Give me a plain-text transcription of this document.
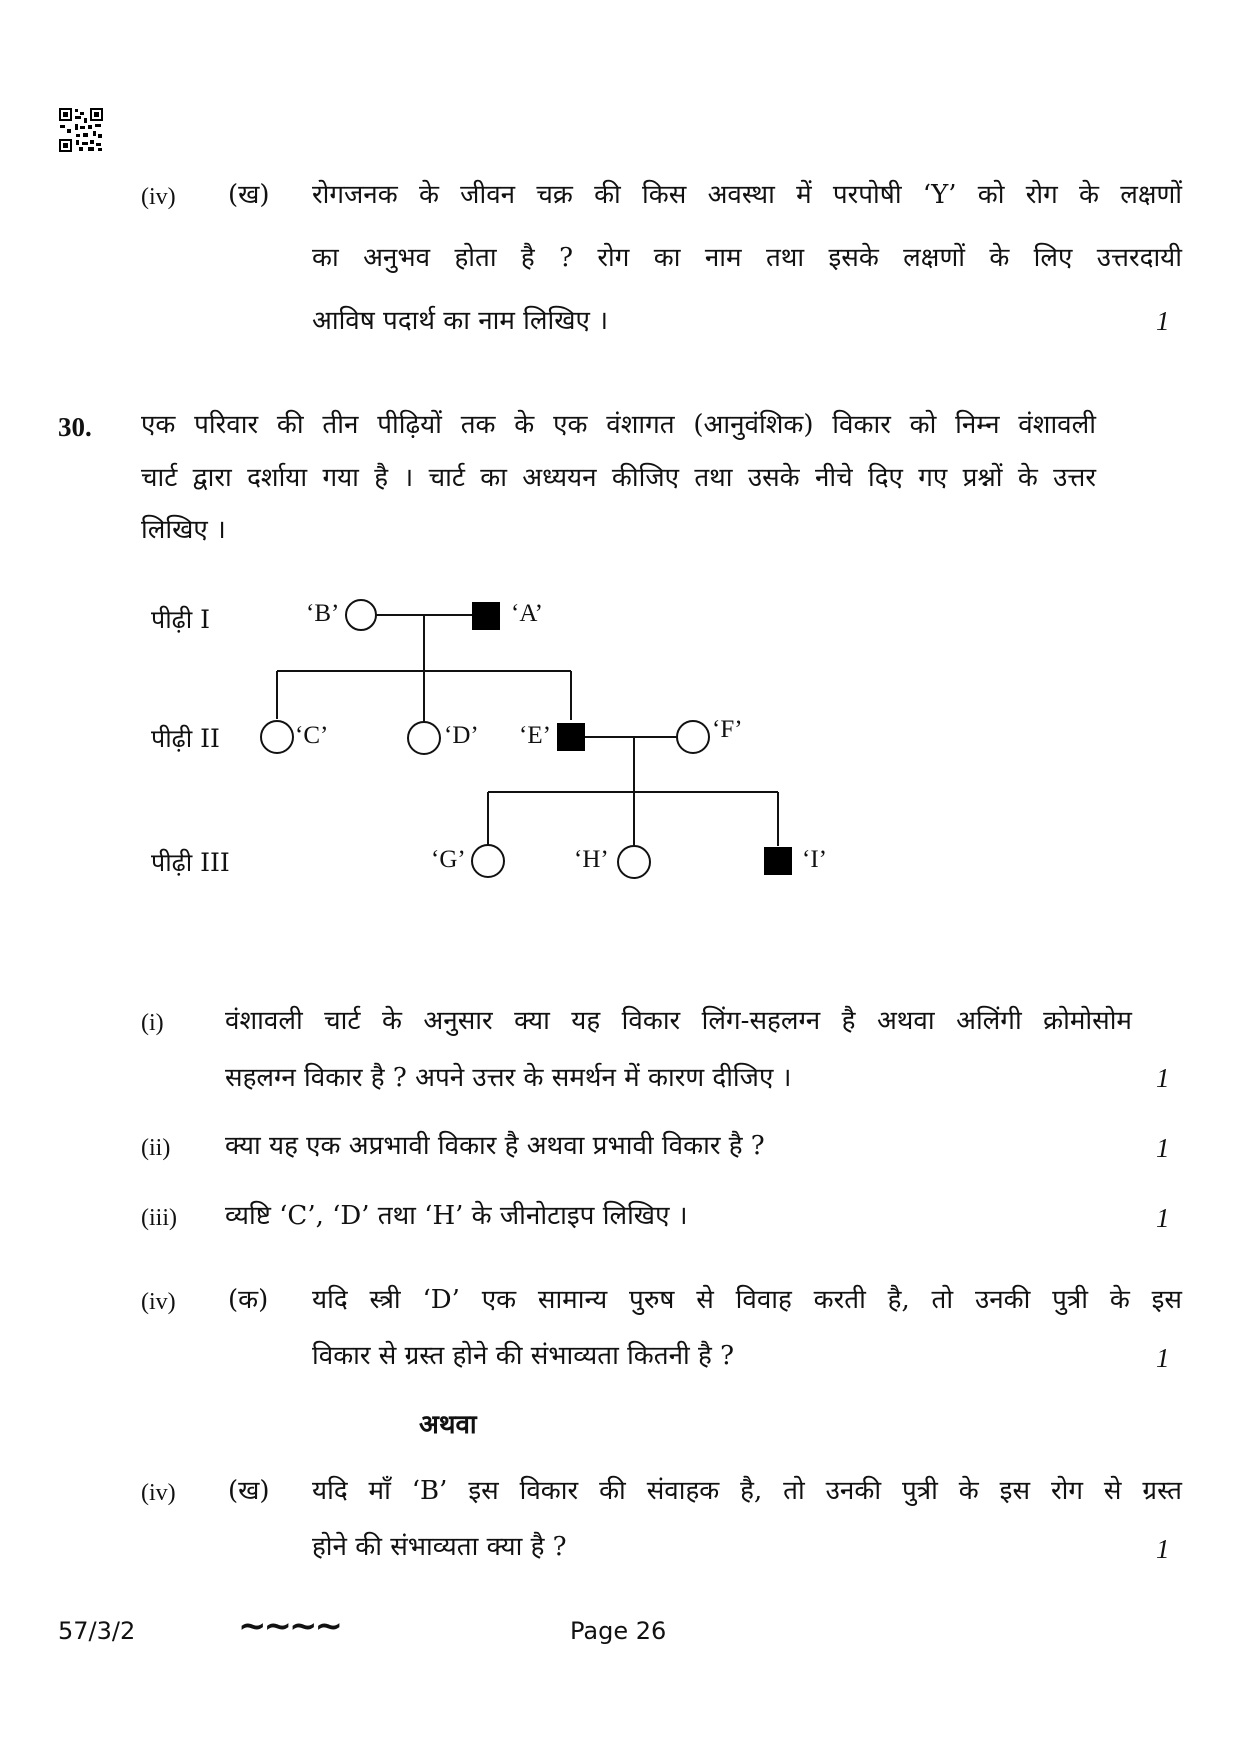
(iv) (ख) रोगजनक के जीवन चक्र की किस अवस्था में परपोषी ‘Y’ को रोग के लक्षणों
का अनुभव होता है ? रोग का नाम तथा इसके लक्षणों के लिए उत्तरदायी
आविष पदार्थ का नाम लिखिए ।	1
30. एक परिवार की तीन पीढ़ियों तक के एक वंशागत (आनुवंशिक) विकार को निम्न वंशावली
चार्ट द्वारा दर्शाया गया है । चार्ट का अध्ययन कीजिए तथा उसके नीचे दिए गए प्रश्नों के उत्तर
लिखिए ।
पीढ़ी I
पीढ़ी II
पीढ़ी III
‘B’	‘A’
‘C’	‘D’ ‘E’	‘F’
‘G’	‘H’	‘I’
(i) वंशावली चार्ट के अनुसार क्या यह विकार लिंग-सहलग्न है अथवा अलिंगी क्रोमोसोम
सहलग्न विकार है ? अपने उत्तर के समर्थन में कारण दीजिए ।	1
(ii) क्या यह एक अप्रभावी विकार है अथवा प्रभावी विकार है ?	1
(iii) व्यष्टि ‘C’, ‘D’ तथा ‘H’ के जीनोटाइप लिखिए ।	1
(iv) (क) यदि स्त्री ‘D’ एक सामान्य पुरुष से विवाह करती है, तो उनकी पुत्री के इस
विकार से ग्रस्त होने की संभाव्यता कितनी है ?	1
अथवा
(iv) (ख) यदि माँ ‘B’ इस विकार की संवाहक है, तो उनकी पुत्री के इस रोग से ग्रस्त
होने की संभाव्यता क्या है ?	1
57/3/2	~~~~	Page 26
